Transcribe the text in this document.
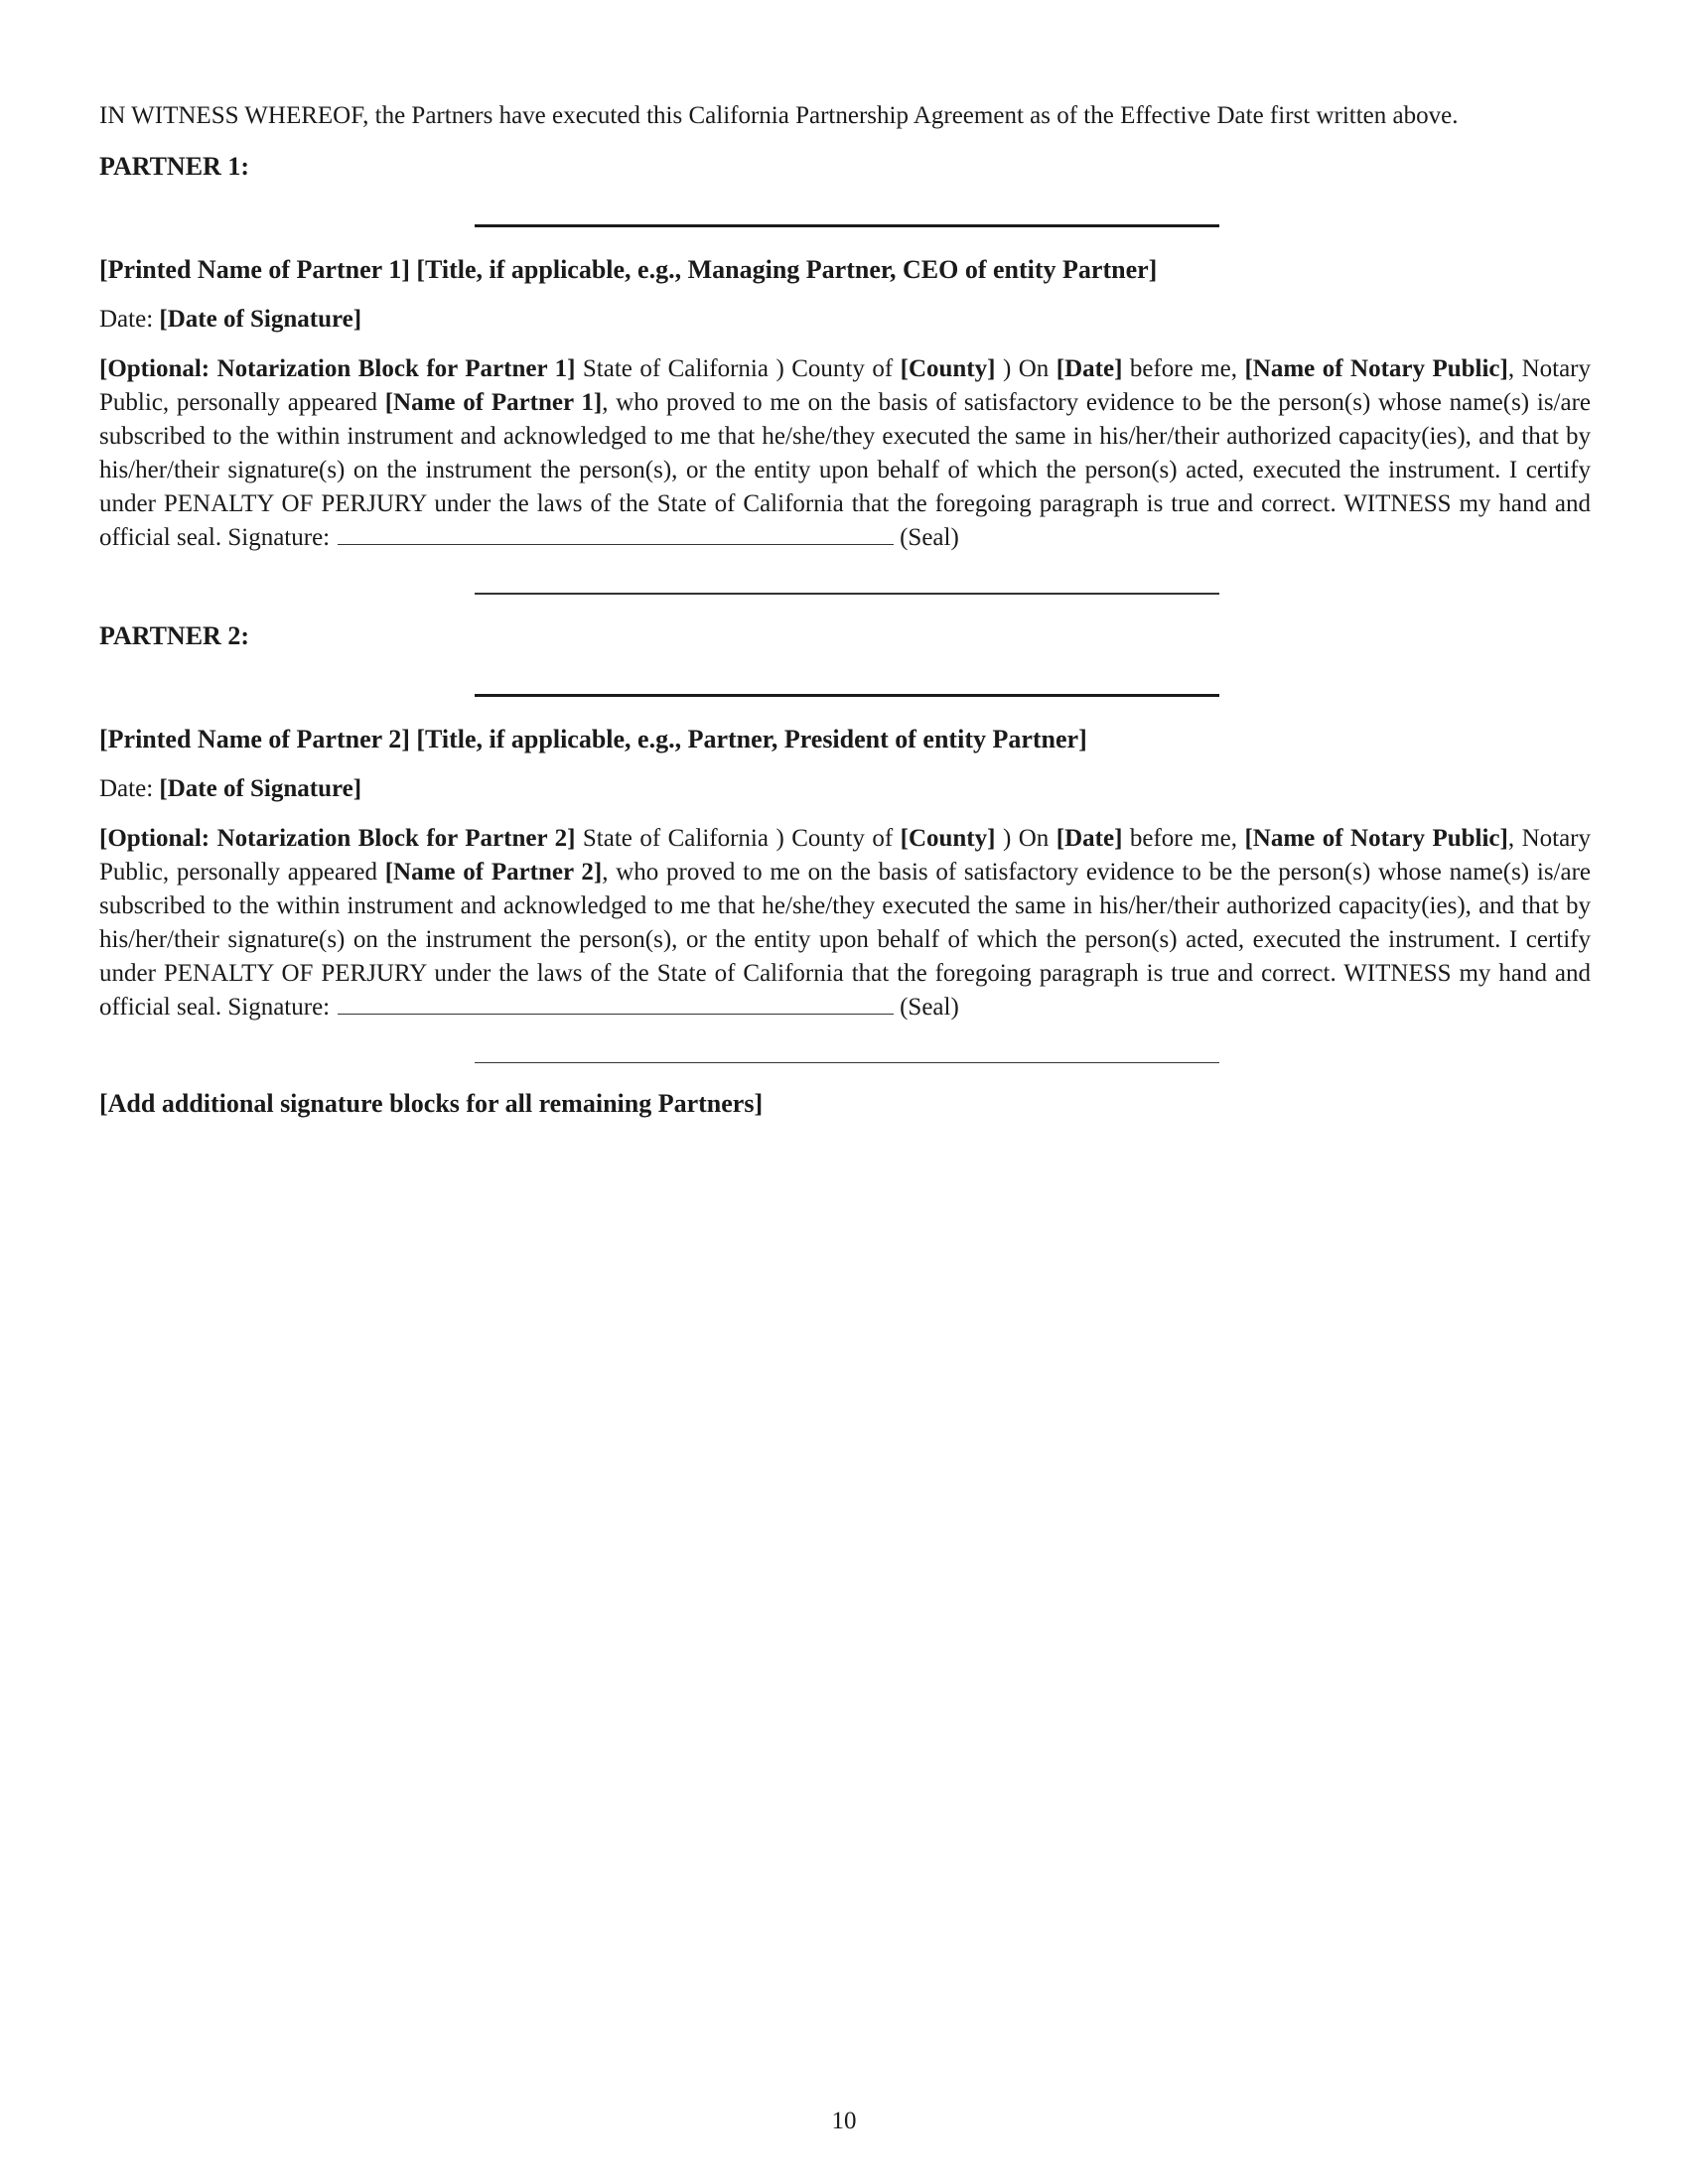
IN WITNESS WHEREOF, the Partners have executed this California Partnership Agreement as of the Effective Date first written above.

PARTNER 1:

[Printed Name of Partner 1] [Title, if applicable, e.g., Managing Partner, CEO of entity Partner]

Date: [Date of Signature]

[Optional: Notarization Block for Partner 1] State of California ) County of [County] ) On [Date] before me, [Name of Notary Public], Notary Public, personally appeared [Name of Partner 1], who proved to me on the basis of satisfactory evidence to be the person(s) whose name(s) is/are subscribed to the within instrument and acknowledged to me that he/she/they executed the same in his/her/their authorized capacity(ies), and that by his/her/their signature(s) on the instrument the person(s), or the entity upon behalf of which the person(s) acted, executed the instrument. I certify under PENALTY OF PERJURY under the laws of the State of California that the foregoing paragraph is true and correct. WITNESS my hand and official seal. Signature:	(Seal)

PARTNER 2:

[Printed Name of Partner 2] [Title, if applicable, e.g., Partner, President of entity Partner]

Date: [Date of Signature]

[Optional: Notarization Block for Partner 2] State of California ) County of [County] ) On [Date] before me, [Name of Notary Public], Notary Public, personally appeared [Name of Partner 2], who proved to me on the basis of satisfactory evidence to be the person(s) whose name(s) is/are subscribed to the within instrument and acknowledged to me that he/she/they executed the same in his/her/their authorized capacity(ies), and that by his/her/their signature(s) on the instrument the person(s), or the entity upon behalf of which the person(s) acted, executed the instrument. I certify under PENALTY OF PERJURY under the laws of the State of California that the foregoing paragraph is true and correct. WITNESS my hand and official seal. Signature:	(Seal)

[Add additional signature blocks for all remaining Partners]

10
